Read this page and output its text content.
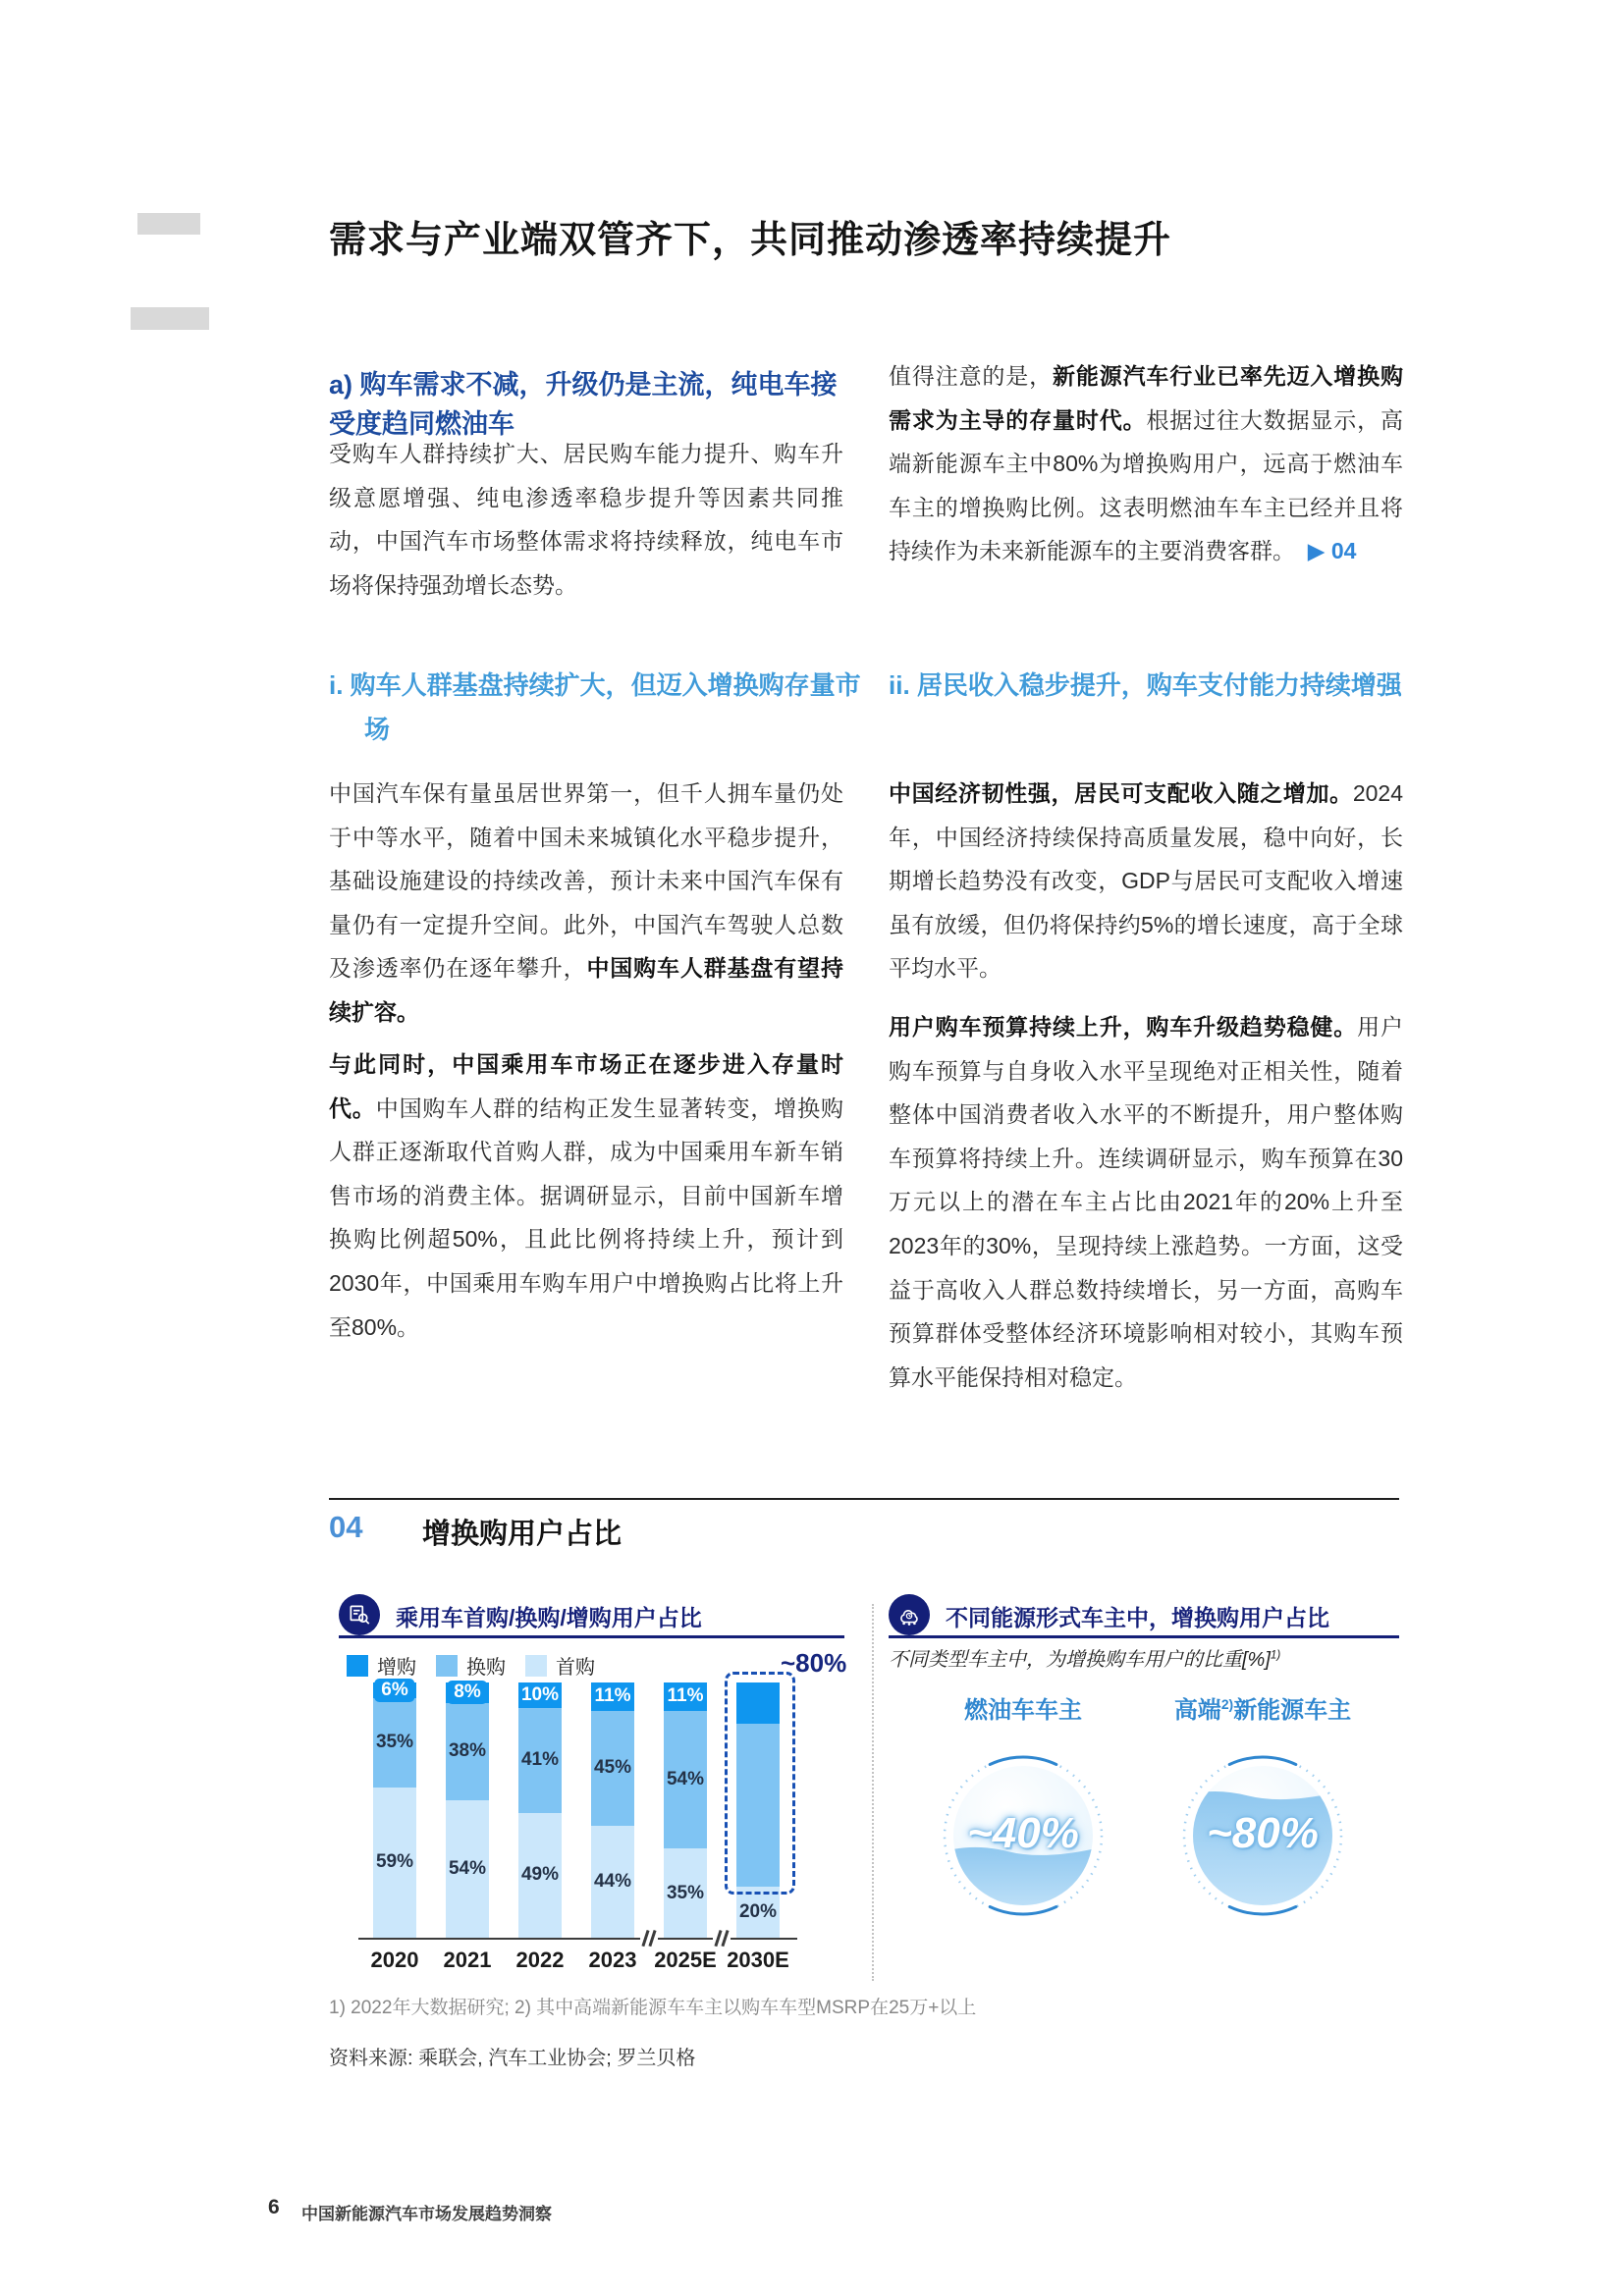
需求与产业端双管齐下，共同推动渗透率持续提升
a) 购车需求不减，升级仍是主流，纯电车接受度趋同燃油车

受购车人群持续扩大、居民购车能力提升、购车升级意愿增强、纯电渗透率稳步提升等因素共同推动，中国汽车市场整体需求将持续释放，纯电车市场将保持强劲增长态势。

i. 购车人群基盘持续扩大，但迈入增换购存量市场

中国汽车保有量虽居世界第一，但千人拥车量仍处于中等水平，随着中国未来城镇化水平稳步提升，基础设施建设的持续改善，预计未来中国汽车保有量仍有一定提升空间。此外，中国汽车驾驶人总数及渗透率仍在逐年攀升，中国购车人群基盘有望持续扩容。

与此同时，中国乘用车市场正在逐步进入存量时代。中国购车人群的结构正发生显著转变，增换购人群正逐渐取代首购人群，成为中国乘用车新车销售市场的消费主体。据调研显示，目前中国新车增换购比例超50%，且此比例将持续上升，预计到2030年，中国乘用车购车用户中增换购占比将上升至80%。

值得注意的是，新能源汽车行业已率先迈入增换购需求为主导的存量时代。根据过往大数据显示，高端新能源车主中80%为增换购用户，远高于燃油车车主的增换购比例。这表明燃油车车主已经并且将持续作为未来新能源车的主要消费客群。 ▶ 04

ii. 居民收入稳步提升，购车支付能力持续增强

中国经济韧性强，居民可支配收入随之增加。2024年，中国经济持续保持高质量发展，稳中向好，长期增长趋势没有改变，GDP与居民可支配收入增速虽有放缓，但仍将保持约5%的增长速度，高于全球平均水平。

用户购车预算持续上升，购车升级趋势稳健。用户购车预算与自身收入水平呈现绝对正相关性，随着整体中国消费者收入水平的不断提升，用户整体购车预算将持续上升。连续调研显示，购车预算在30万元以上的潜在车主占比由2021年的20%上升至2023年的30%，呈现持续上涨趋势。一方面，这受益于高收入人群总数持续增长，另一方面，高购车预算群体受整体经济环境影响相对较小，其购车预算水平能保持相对稳定。

04 增换购用户占比
乘用车首购/换购/增购用户占比
增购	换购	首购
59%
35%
6%
54%
38%
8%
49%
41%
10%
44%
45%
11%
35%
54%
11%
20%
~80%
2020 2021 2022 2023 2025E 2030E
不同能源形式车主中，增换购用户占比
不同类型车主中，为增换购车用户的比重[%]$^{1)}$
燃油车车主	高端$^{2)}$新能源车主
~40%	~80%
1) 2022年大数据研究; 2) 其中高端新能源车车主以购车车型MSRP在25万+以上
资料来源: 乘联会, 汽车工业协会; 罗兰贝格
6 中国新能源汽车市场发展趋势洞察
